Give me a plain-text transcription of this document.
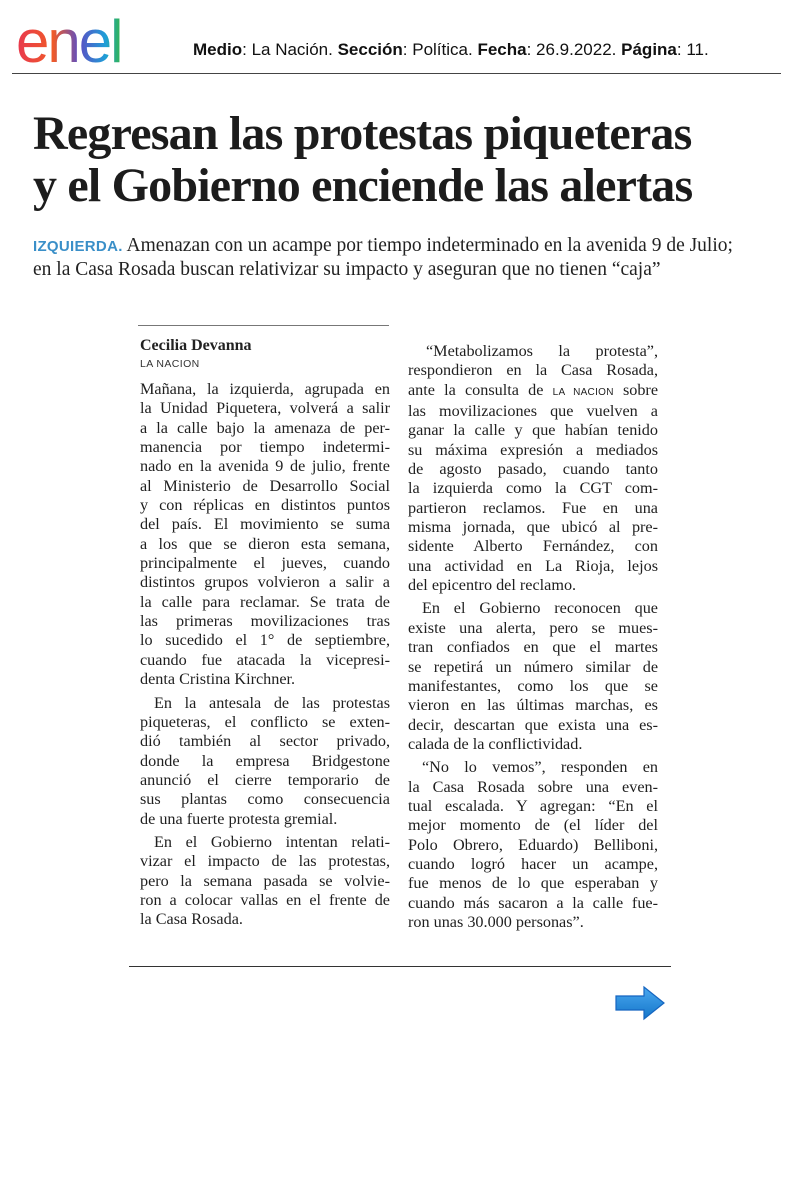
enel	Medio: La Nación. Sección: Política. Fecha: 26.9.2022. Página: 11.
Regresan las protestas piqueteras
y el Gobierno enciende las alertas
IZQUIERDA. Amenazan con un acampe por tiempo indeterminado en la avenida 9 de Julio;
en la Casa Rosada buscan relativizar su impacto y aseguran que no tienen “caja”
Cecilia Devanna
LA NACION
Mañana, la izquierda, agrupada en
la Unidad Piquetera, volverá a salir
a la calle bajo la amenaza de per-
manencia por tiempo indetermi-
nado en la avenida 9 de julio, frente
al Ministerio de Desarrollo Social
y con réplicas en distintos puntos
del país. El movimiento se suma
a los que se dieron esta semana,
principalmente el jueves, cuando
distintos grupos volvieron a salir a
la calle para reclamar. Se trata de
las primeras movilizaciones tras
lo sucedido el 1° de septiembre,
cuando fue atacada la vicepresi-
denta Cristina Kirchner.
En la antesala de las protestas
piqueteras, el conflicto se exten-
dió también al sector privado,
donde la empresa Bridgestone
anunció el cierre temporario de
sus plantas como consecuencia
de una fuerte protesta gremial.
En el Gobierno intentan relati-
vizar el impacto de las protestas,
pero la semana pasada se volvie-
ron a colocar vallas en el frente de
la Casa Rosada.
“Metabolizamos la protesta”,
respondieron en la Casa Rosada,
ante la consulta de LA NACION sobre
las movilizaciones que vuelven a
ganar la calle y que habían tenido
su máxima expresión a mediados
de agosto pasado, cuando tanto
la izquierda como la CGT com-
partieron reclamos. Fue en una
misma jornada, que ubicó al pre-
sidente Alberto Fernández, con
una actividad en La Rioja, lejos
del epicentro del reclamo.
En el Gobierno reconocen que
existe una alerta, pero se mues-
tran confiados en que el martes
se repetirá un número similar de
manifestantes, como los que se
vieron en las últimas marchas, es
decir, descartan que exista una es-
calada de la conflictividad.
“No lo vemos”, responden en
la Casa Rosada sobre una even-
tual escalada. Y agregan: “En el
mejor momento de (el líder del
Polo Obrero, Eduardo) Belliboni,
cuando logró hacer un acampe,
fue menos de lo que esperaban y
cuando más sacaron a la calle fue-
ron unas 30.000 personas”.
